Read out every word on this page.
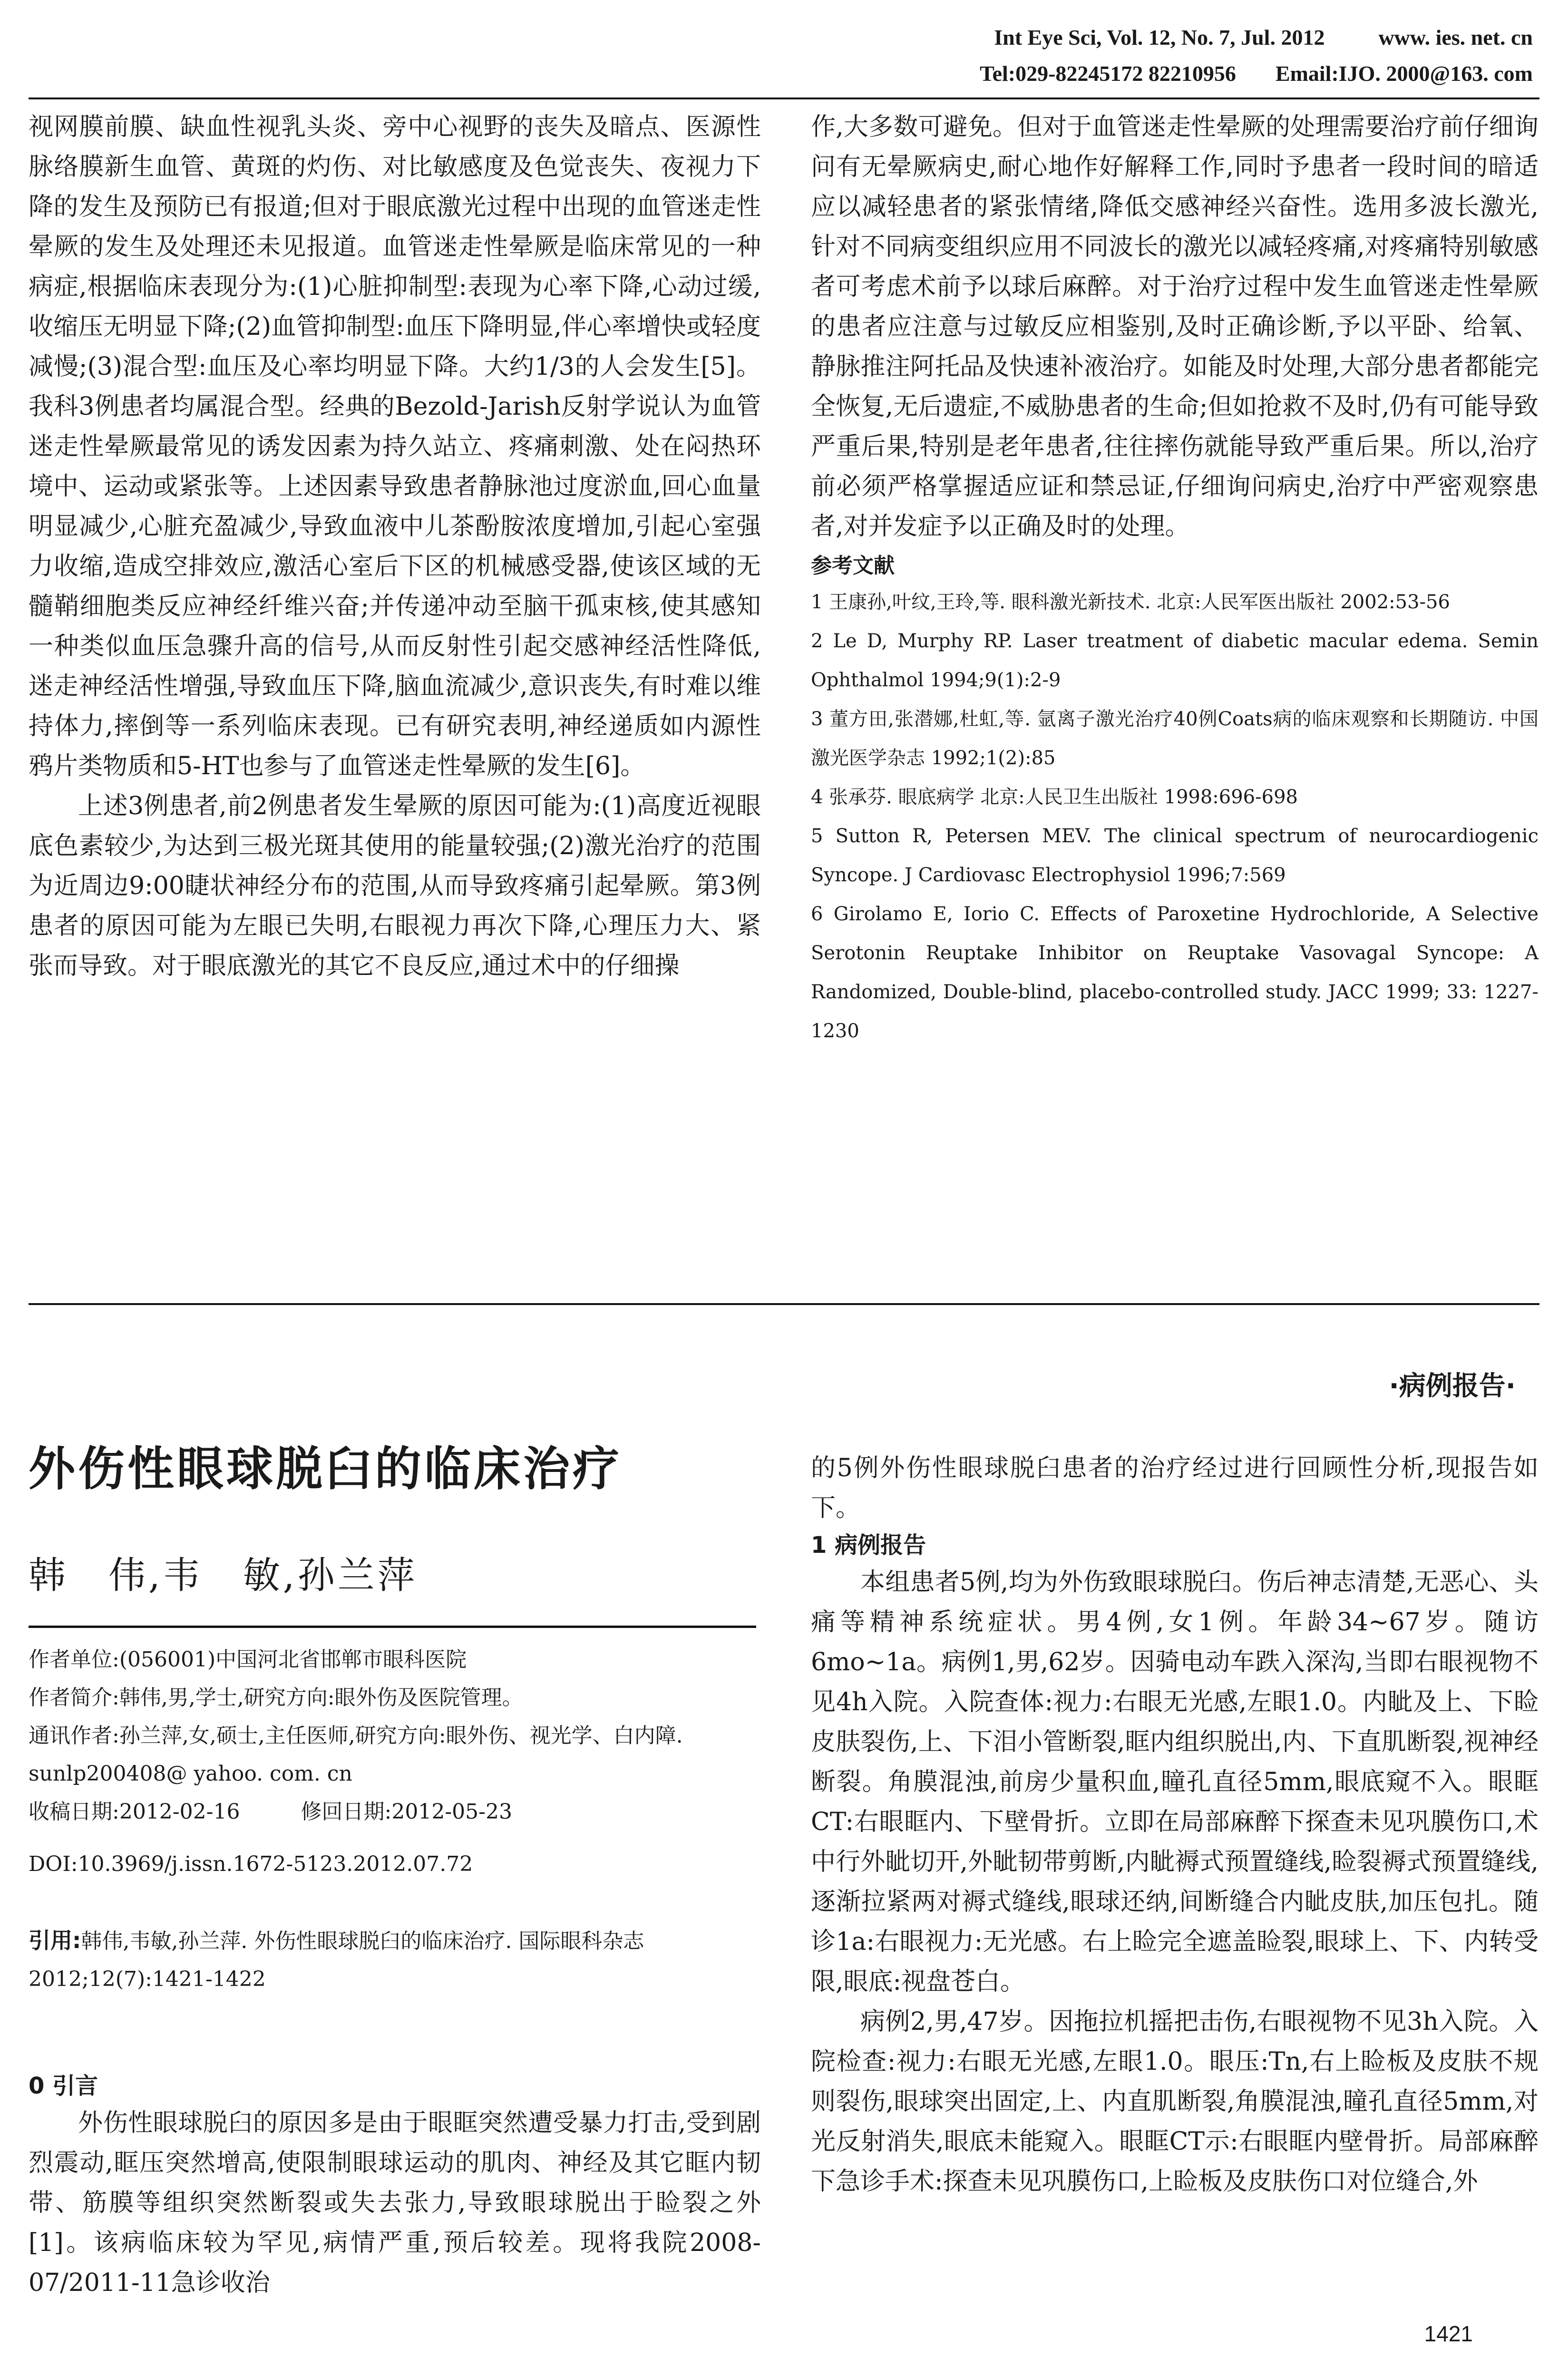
Int Eye Sci, Vol. 12, No. 7, Jul. 2012 www. ies. net. cn
Tel:029-82245172 82210956 Email:IJO. 2000@163. com

视网膜前膜、缺血性视乳头炎、旁中心视野的丧失及暗点、医源性脉络膜新生血管、黄斑的灼伤、对比敏感度及色觉丧失、夜视力下降的发生及预防已有报道;但对于眼底激光过程中出现的血管迷走性晕厥的发生及处理还未见报道。血管迷走性晕厥是临床常见的一种病症,根据临床表现分为:(1)心脏抑制型:表现为心率下降,心动过缓,收缩压无明显下降;(2)血管抑制型:血压下降明显,伴心率增快或轻度减慢;(3)混合型:血压及心率均明显下降。大约1/3的人会发生[5]。我科3例患者均属混合型。经典的Bezold-Jarish反射学说认为血管迷走性晕厥最常见的诱发因素为持久站立、疼痛刺激、处在闷热环境中、运动或紧张等。上述因素导致患者静脉池过度淤血,回心血量明显减少,心脏充盈减少,导致血液中儿茶酚胺浓度增加,引起心室强力收缩,造成空排效应,激活心室后下区的机械感受器,使该区域的无髓鞘细胞类反应神经纤维兴奋;并传递冲动至脑干孤束核,使其感知一种类似血压急骤升高的信号,从而反射性引起交感神经活性降低,迷走神经活性增强,导致血压下降,脑血流减少,意识丧失,有时难以维持体力,摔倒等一系列临床表现。已有研究表明,神经递质如内源性鸦片类物质和5-HT也参与了血管迷走性晕厥的发生[6]。

上述3例患者,前2例患者发生晕厥的原因可能为:(1)高度近视眼底色素较少,为达到三极光斑其使用的能量较强;(2)激光治疗的范围为近周边9:00睫状神经分布的范围,从而导致疼痛引起晕厥。第3例患者的原因可能为左眼已失明,右眼视力再次下降,心理压力大、紧张而导致。对于眼底激光的其它不良反应,通过术中的仔细操

作,大多数可避免。但对于血管迷走性晕厥的处理需要治疗前仔细询问有无晕厥病史,耐心地作好解释工作,同时予患者一段时间的暗适应以减轻患者的紧张情绪,降低交感神经兴奋性。选用多波长激光,针对不同病变组织应用不同波长的激光以减轻疼痛,对疼痛特别敏感者可考虑术前予以球后麻醉。对于治疗过程中发生血管迷走性晕厥的患者应注意与过敏反应相鉴别,及时正确诊断,予以平卧、给氧、静脉推注阿托品及快速补液治疗。如能及时处理,大部分患者都能完全恢复,无后遗症,不威胁患者的生命;但如抢救不及时,仍有可能导致严重后果,特别是老年患者,往往摔伤就能导致严重后果。所以,治疗前必须严格掌握适应证和禁忌证,仔细询问病史,治疗中严密观察患者,对并发症予以正确及时的处理。

参考文献
1 王康孙,叶纹,王玲,等. 眼科激光新技术. 北京:人民军医出版社 2002:53-56
2 Le D, Murphy RP. Laser treatment of diabetic macular edema. Semin Ophthalmol 1994;9(1):2-9
3 董方田,张潜娜,杜虹,等. 氩离子激光治疗40例Coats病的临床观察和长期随访. 中国激光医学杂志 1992;1(2):85
4 张承芬. 眼底病学 北京:人民卫生出版社 1998:696-698
5 Sutton R, Petersen MEV. The clinical spectrum of neurocardiogenic Syncope. J Cardiovasc Electrophysiol 1996;7:569
6 Girolamo E, Iorio C. Effects of Paroxetine Hydrochloride, A Selective Serotonin Reuptake Inhibitor on Reuptake Vasovagal Syncope: A Randomized, Double-blind, placebo-controlled study. JACC 1999; 33: 1227-1230
·病例报告·
外伤性眼球脱臼的临床治疗
韩　伟,韦　敏,孙兰萍
作者单位:(056001)中国河北省邯郸市眼科医院
作者简介:韩伟,男,学士,研究方向:眼外伤及医院管理。
通讯作者:孙兰萍,女,硕士,主任医师,研究方向:眼外伤、视光学、白内障. sunlp200408@ yahoo. com. cn
收稿日期:2012-02-16	修回日期:2012-05-23
DOI:10.3969/j.issn.1672-5123.2012.07.72
引用:韩伟,韦敏,孙兰萍. 外伤性眼球脱臼的临床治疗. 国际眼科杂志 2012;12(7):1421-1422
0 引言

外伤性眼球脱臼的原因多是由于眼眶突然遭受暴力打击,受到剧烈震动,眶压突然增高,使限制眼球运动的肌肉、神经及其它眶内韧带、筋膜等组织突然断裂或失去张力,导致眼球脱出于睑裂之外[1]。该病临床较为罕见,病情严重,预后较差。现将我院2008-07/2011-11急诊收治

的5例外伤性眼球脱臼患者的治疗经过进行回顾性分析,现报告如下。

1 病例报告

本组患者5例,均为外伤致眼球脱臼。伤后神志清楚,无恶心、头痛等精神系统症状。男4例,女1例。年龄34~67岁。随访6mo~1a。病例1,男,62岁。因骑电动车跌入深沟,当即右眼视物不见4h入院。入院查体:视力:右眼无光感,左眼1.0。内眦及上、下睑皮肤裂伤,上、下泪小管断裂,眶内组织脱出,内、下直肌断裂,视神经断裂。角膜混浊,前房少量积血,瞳孔直径5mm,眼底窥不入。眼眶CT:右眼眶内、下壁骨折。立即在局部麻醉下探查未见巩膜伤口,术中行外眦切开,外眦韧带剪断,内眦褥式预置缝线,睑裂褥式预置缝线,逐渐拉紧两对褥式缝线,眼球还纳,间断缝合内眦皮肤,加压包扎。随诊1a:右眼视力:无光感。右上睑完全遮盖睑裂,眼球上、下、内转受限,眼底:视盘苍白。

病例2,男,47岁。因拖拉机摇把击伤,右眼视物不见3h入院。入院检查:视力:右眼无光感,左眼1.0。眼压:Tn,右上睑板及皮肤不规则裂伤,眼球突出固定,上、内直肌断裂,角膜混浊,瞳孔直径5mm,对光反射消失,眼底未能窥入。眼眶CT示:右眼眶内壁骨折。局部麻醉下急诊手术:探查未见巩膜伤口,上睑板及皮肤伤口对位缝合,外

1421
